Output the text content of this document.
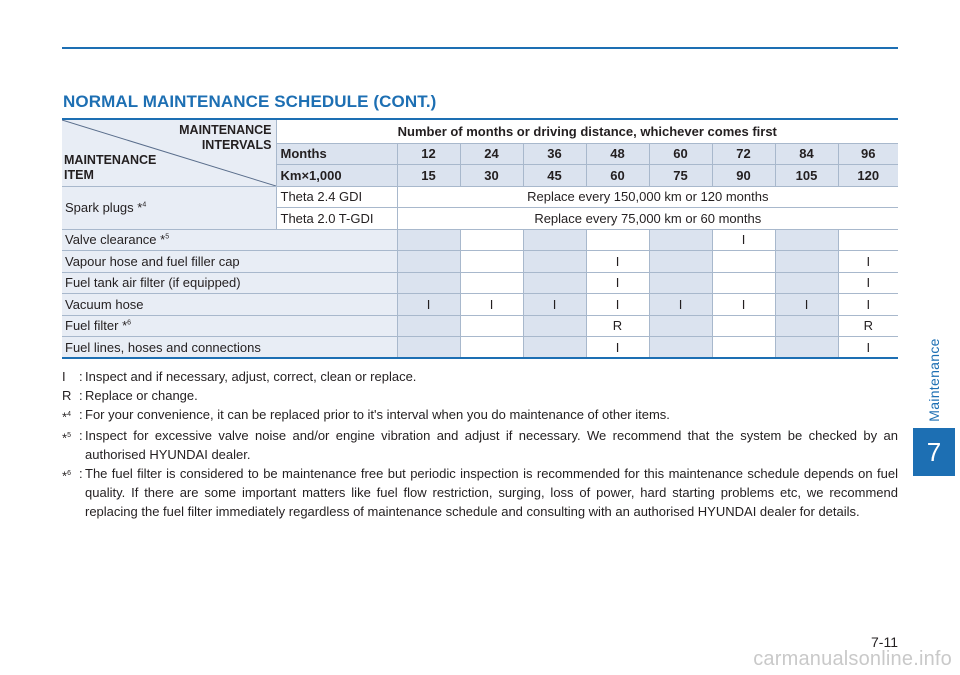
Maintenance
7
NORMAL MAINTENANCE SCHEDULE (CONT.)
MAINTENANCE
INTERVALS
MAINTENANCE
ITEM	Number of months or driving distance, whichever comes first								
	Months	12	24	36	48	60	72	84	96
	Km×1,000	15	30	45	60	75	90	105	120
Spark plugs *$^4$	Theta 2.4 GDI	Replace every 150,000 km or 120 months							
	Theta 2.0 T-GDI	Replace every 75,000 km or 60 months							
Valve clearance *$^5$							I		
Vapour hose and fuel filler cap					I				I
Fuel tank air filter (if equipped)					I				I
Vacuum hose		I	I	I	I	I	I	I	I
Fuel filter *$^6$					R				R
Fuel lines, hoses and connections					I				I
I	: Inspect and if necessary, adjust, correct, clean or replace.
R : Replace or change.
*$^4$ : For your convenience, it can be replaced prior to it's interval when you do maintenance of other items.
*$^5$ : Inspect for excessive valve noise and/or engine vibration and adjust if necessary. We recommend that the system be checked by an authorised HYUNDAI dealer.
*$^6$ : The fuel filter is considered to be maintenance free but periodic inspection is recommended for this maintenance schedule depends on fuel quality. If there are some important matters like fuel flow restriction, surging, loss of power, hard starting problems etc, we recommend replacing the fuel filter immediately regardless of maintenance schedule and consulting with an authorised HYUNDAI dealer for details.
7-11
carmanualsonline.info
